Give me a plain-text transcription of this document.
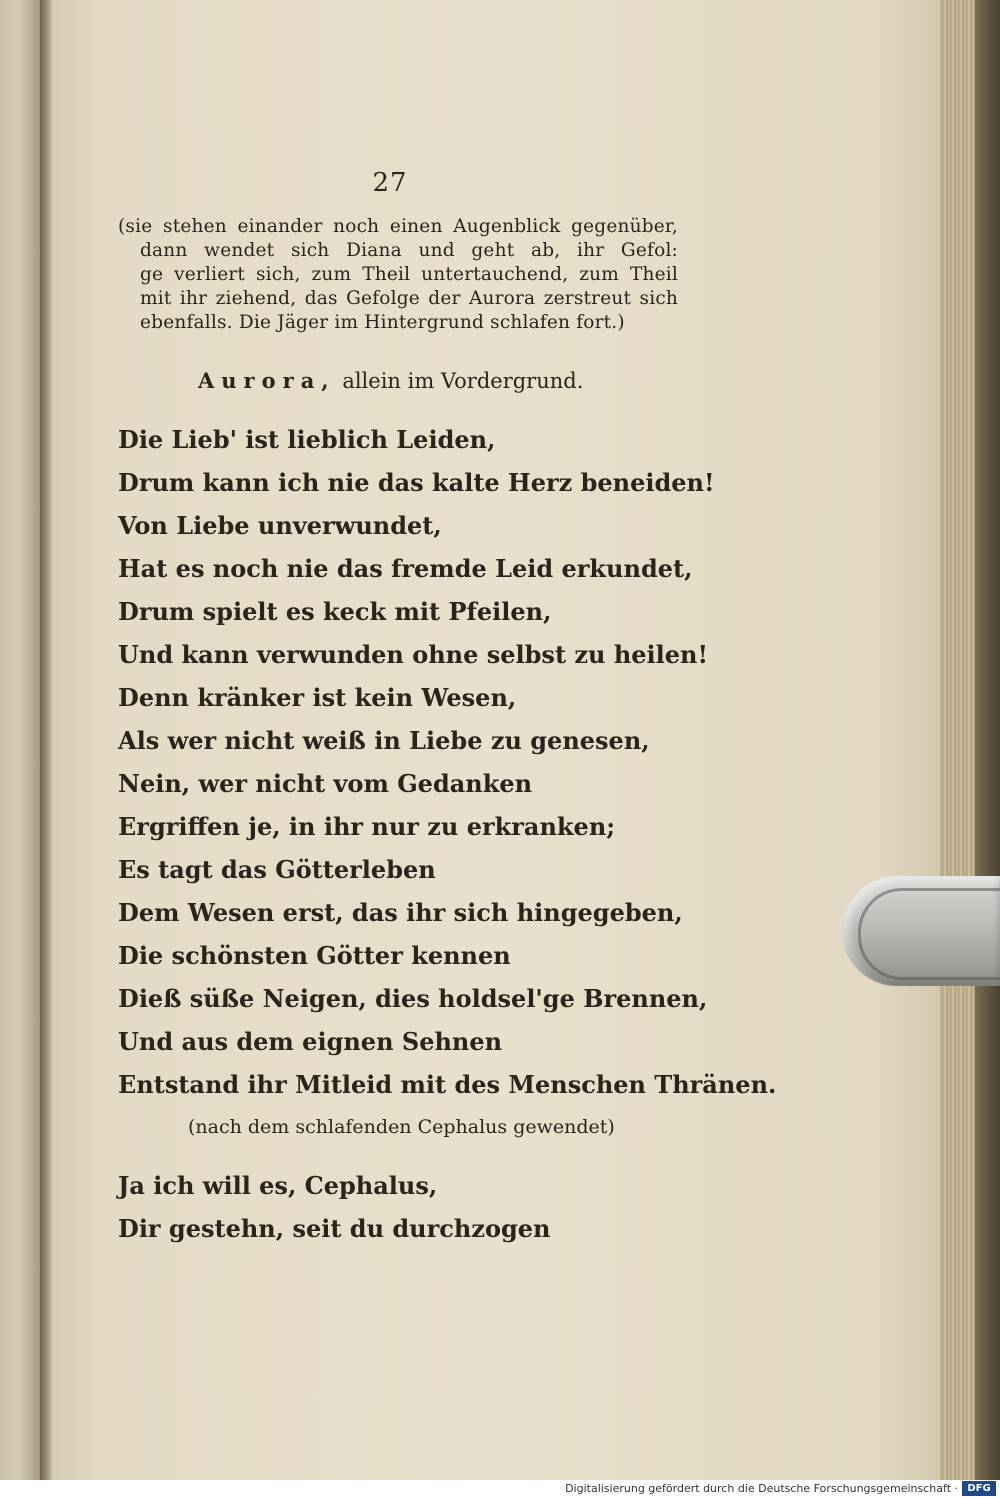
27
(sie stehen einander noch einen Augenblick gegenüber,
dann wendet sich Diana und geht ab, ihr Gefol:
ge verliert sich, zum Theil untertauchend, zum Theil
mit ihr ziehend, das Gefolge der Aurora zerstreut sich
ebenfalls. Die Jäger im Hintergrund schlafen fort.)
Aurora, allein im Vordergrund.
Die Lieb' ist lieblich Leiden,
Drum kann ich nie das kalte Herz beneiden!
Von Liebe unverwundet,
Hat es noch nie das fremde Leid erkundet,
Drum spielt es keck mit Pfeilen,
Und kann verwunden ohne selbst zu heilen!
Denn kränker ist kein Wesen,
Als wer nicht weiß in Liebe zu genesen,
Nein, wer nicht vom Gedanken
Ergriffen je, in ihr nur zu erkranken;
Es tagt das Götterleben
Dem Wesen erst, das ihr sich hingegeben,
Die schönsten Götter kennen
Dieß süße Neigen, dies holdsel'ge Brennen,
Und aus dem eignen Sehnen
Entstand ihr Mitleid mit des Menschen Thränen.
(nach dem schlafenden Cephalus gewendet)
Ja ich will es, Cephalus,
Dir gestehn, seit du durchzogen
Digitalisierung gefördert durch die Deutsche Forschungsgemeinschaft · DFG
